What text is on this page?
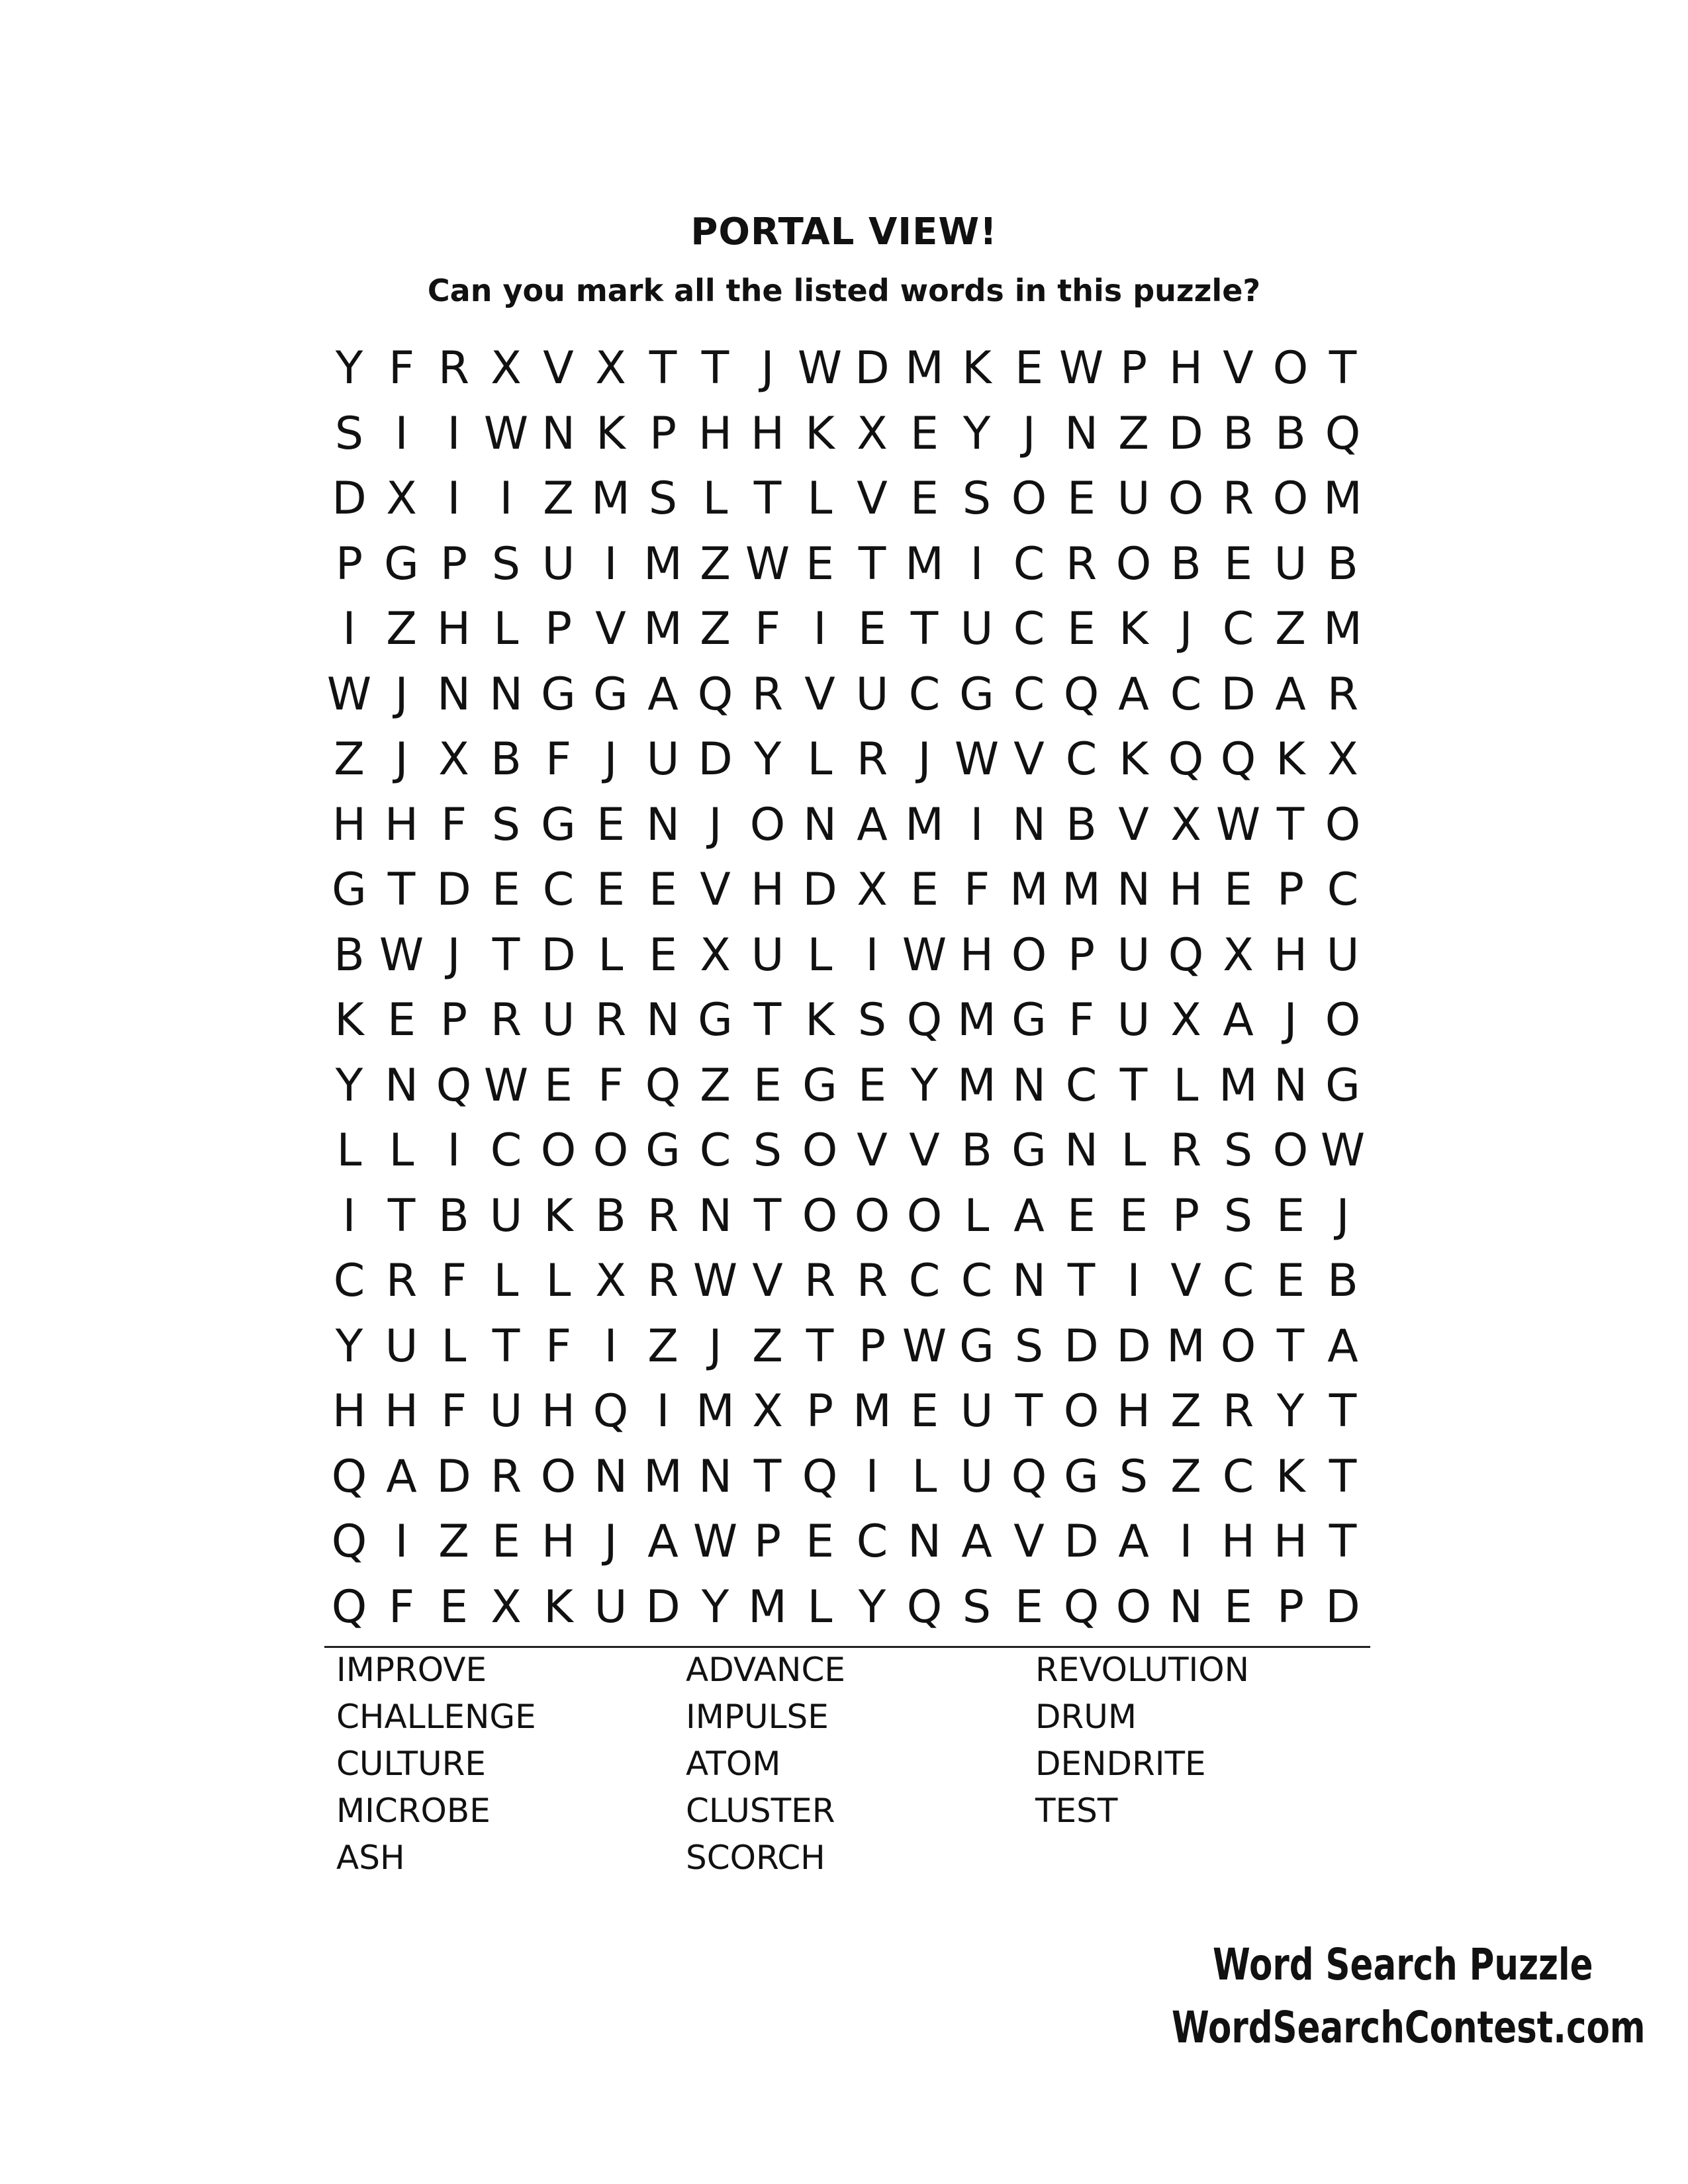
PORTAL VIEW!
Can you mark all the listed words in this puzzle?
Y F R X V X T T J W D M K E W P H V O T
S I I W N K P H H K X E Y J N Z D B B Q
D X I I Z M S L T L V E S O E U O R O M
P G P S U I M Z W E T M I C R O B E U B
I Z H L P V M Z F I E T U C E K J C Z M
W J N N G G A Q R V U C G C Q A C D A R
Z J X B F J U D Y L R J W V C K Q Q K X
H H F S G E N J O N A M I N B V X W T O
G T D E C E E V H D X E F M M N H E P C
B W J T D L E X U L I W H O P U Q X H U
K E P R U R N G T K S Q M G F U X A J O
Y N Q W E F Q Z E G E Y M N C T L M N G
L L I C O O G C S O V V B G N L R S O W
I T B U K B R N T O O O L A E E P S E J
C R F L L X R W V R R C C N T I V C E B
Y U L T F I Z J Z T P W G S D D M O T A
H H F U H Q I M X P M E U T O H Z R Y T
Q A D R O N M N T Q I L U Q G S Z C K T
Q I Z E H J A W P E C N A V D A I H H T
Q F E X K U D Y M L Y Q S E Q O N E P D
IMPROVE	ADVANCE	REVOLUTION
CHALLENGE	IMPULSE	DRUM
CULTURE	ATOM	DENDRITE
MICROBE	CLUSTER	TEST
ASH	SCORCH
Word Search Puzzle
WordSearchContest.com
